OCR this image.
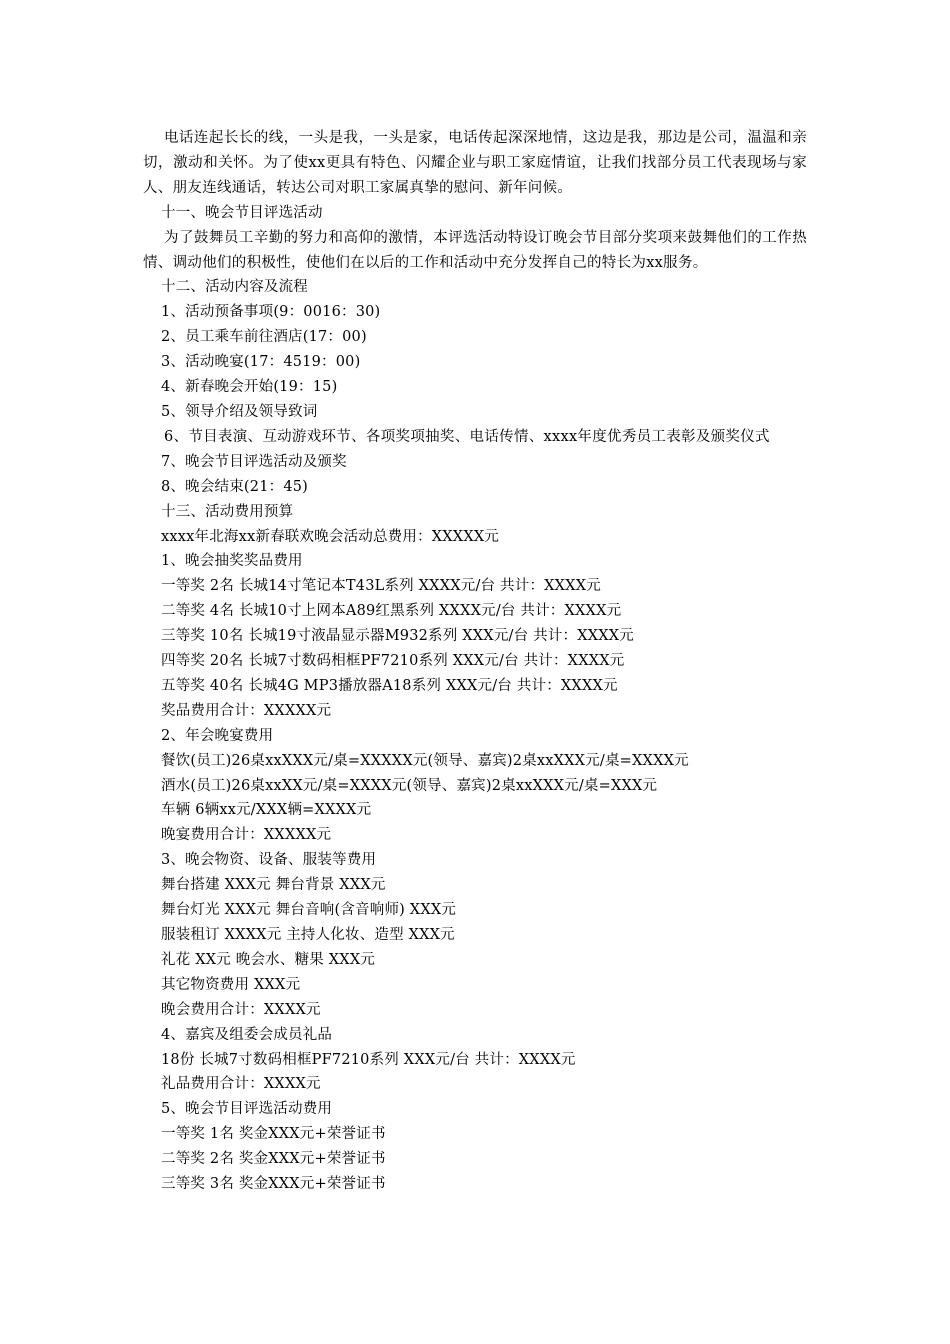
电话连起长长的线，一头是我，一头是家，电话传起深深地情，这边是我，那边是公司，温温和亲切，激动和关怀。为了使xx更具有特色、闪耀企业与职工家庭情谊，让我们找部分员工代表现场与家人、朋友连线通话，转达公司对职工家属真挚的慰问、新年问候。

十一、晚会节目评选活动

为了鼓舞员工辛勤的努力和高仰的激情，本评选活动特设订晚会节目部分奖项来鼓舞他们的工作热情、调动他们的积极性，使他们在以后的工作和活动中充分发挥自己的特长为xx服务。

十二、活动内容及流程

1、活动预备事项(9：0016：30)

2、员工乘车前往酒店(17：00)

3、活动晚宴(17：4519：00)

4、新春晚会开始(19：15)

5、领导介绍及领导致词

6、节目表演、互动游戏环节、各项奖项抽奖、电话传情、xxxx年度优秀员工表彰及颁奖仪式

7、晚会节目评选活动及颁奖

8、晚会结束(21：45)

十三、活动费用预算

xxxx年北海xx新春联欢晚会活动总费用：XXXXX元

1、晚会抽奖奖品费用

一等奖 2名 长城14寸笔记本T43L系列 XXXX元/台 共计：XXXX元

二等奖 4名 长城10寸上网本A89红黑系列 XXXX元/台 共计：XXXX元

三等奖 10名 长城19寸液晶显示器M932系列 XXX元/台 共计：XXXX元

四等奖 20名 长城7寸数码相框PF7210系列 XXX元/台 共计：XXXX元

五等奖 40名 长城4G MP3播放器A18系列 XXX元/台 共计：XXXX元

奖品费用合计：XXXXX元

2、年会晚宴费用

餐饮(员工)26桌xxXXX元/桌=XXXXX元(领导、嘉宾)2桌xxXXX元/桌=XXXX元

酒水(员工)26桌xxXX元/桌=XXXX元(领导、嘉宾)2桌xxXXX元/桌=XXX元

车辆 6辆xx元/XXX辆=XXXX元

晚宴费用合计：XXXXX元

3、晚会物资、设备、服装等费用

舞台搭建 XXX元 舞台背景 XXX元

舞台灯光 XXX元 舞台音响(含音响师) XXX元

服装租订 XXXX元 主持人化妆、造型 XXX元

礼花 XX元 晚会水、糖果 XXX元

其它物资费用 XXX元

晚会费用合计：XXXX元

4、嘉宾及组委会成员礼品

18份 长城7寸数码相框PF7210系列 XXX元/台 共计：XXXX元

礼品费用合计：XXXX元

5、晚会节目评选活动费用

一等奖 1名 奖金XXX元+荣誉证书

二等奖 2名 奖金XXX元+荣誉证书

三等奖 3名 奖金XXX元+荣誉证书
